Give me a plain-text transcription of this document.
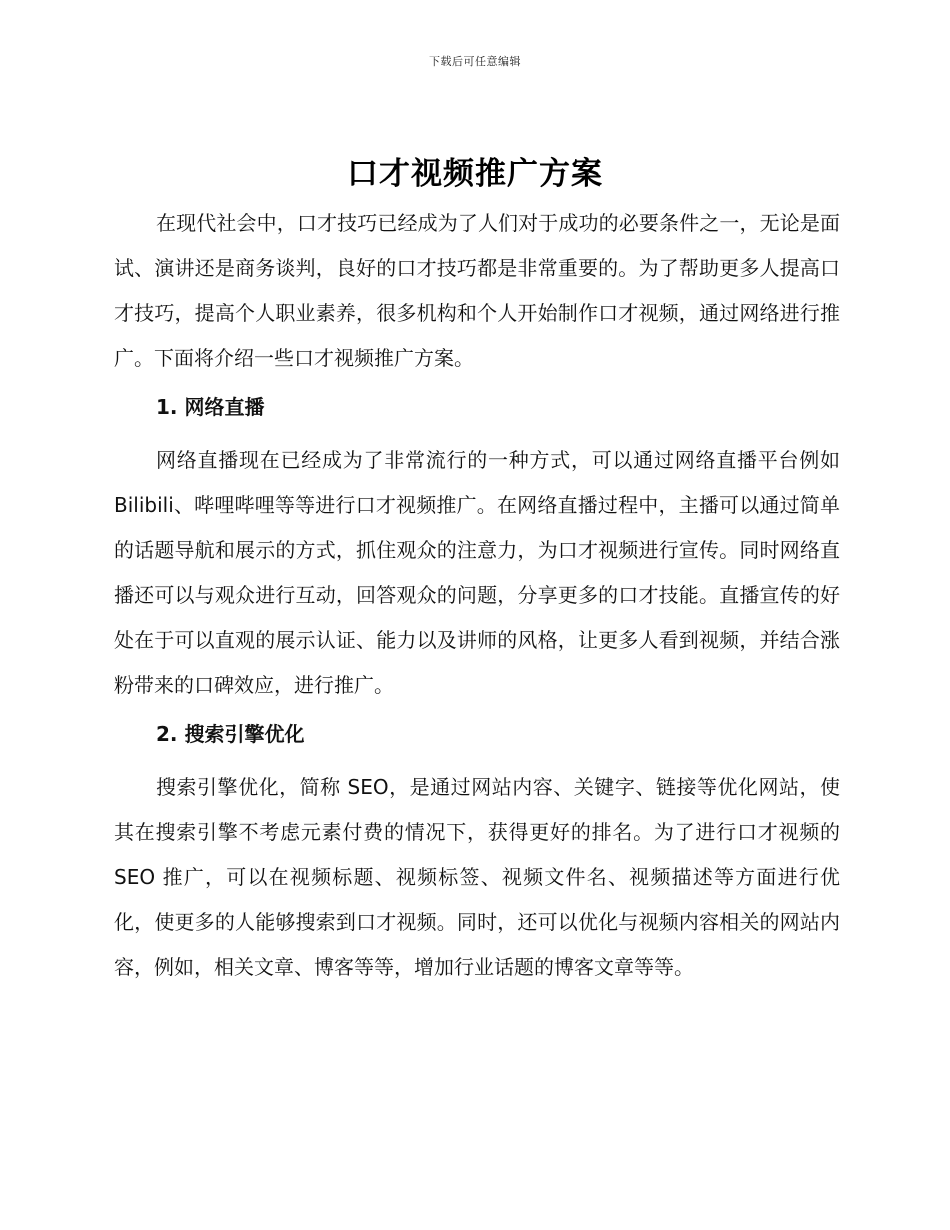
下载后可任意编辑
口才视频推广方案

在现代社会中，口才技巧已经成为了人们对于成功的必要条件之一，无论是面试、演讲还是商务谈判，良好的口才技巧都是非常重要的。为了帮助更多人提高口才技巧，提高个人职业素养，很多机构和个人开始制作口才视频，通过网络进行推广。下面将介绍一些口才视频推广方案。

1. 网络直播

网络直播现在已经成为了非常流行的一种方式，可以通过网络直播平台例如 Bilibili、哔哩哔哩等等进行口才视频推广。在网络直播过程中，主播可以通过简单的话题导航和展示的方式，抓住观众的注意力，为口才视频进行宣传。同时网络直播还可以与观众进行互动，回答观众的问题，分享更多的口才技能。直播宣传的好处在于可以直观的展示认证、能力以及讲师的风格，让更多人看到视频，并结合涨粉带来的口碑效应，进行推广。

2. 搜索引擎优化

搜索引擎优化，简称 SEO，是通过网站内容、关键字、链接等优化网站，使其在搜索引擎不考虑元素付费的情况下，获得更好的排名。为了进行口才视频的 SEO 推广，可以在视频标题、视频标签、视频文件名、视频描述等方面进行优化，使更多的人能够搜索到口才视频。同时，还可以优化与视频内容相关的网站内容，例如，相关文章、博客等等，增加行业话题的博客文章等等。
